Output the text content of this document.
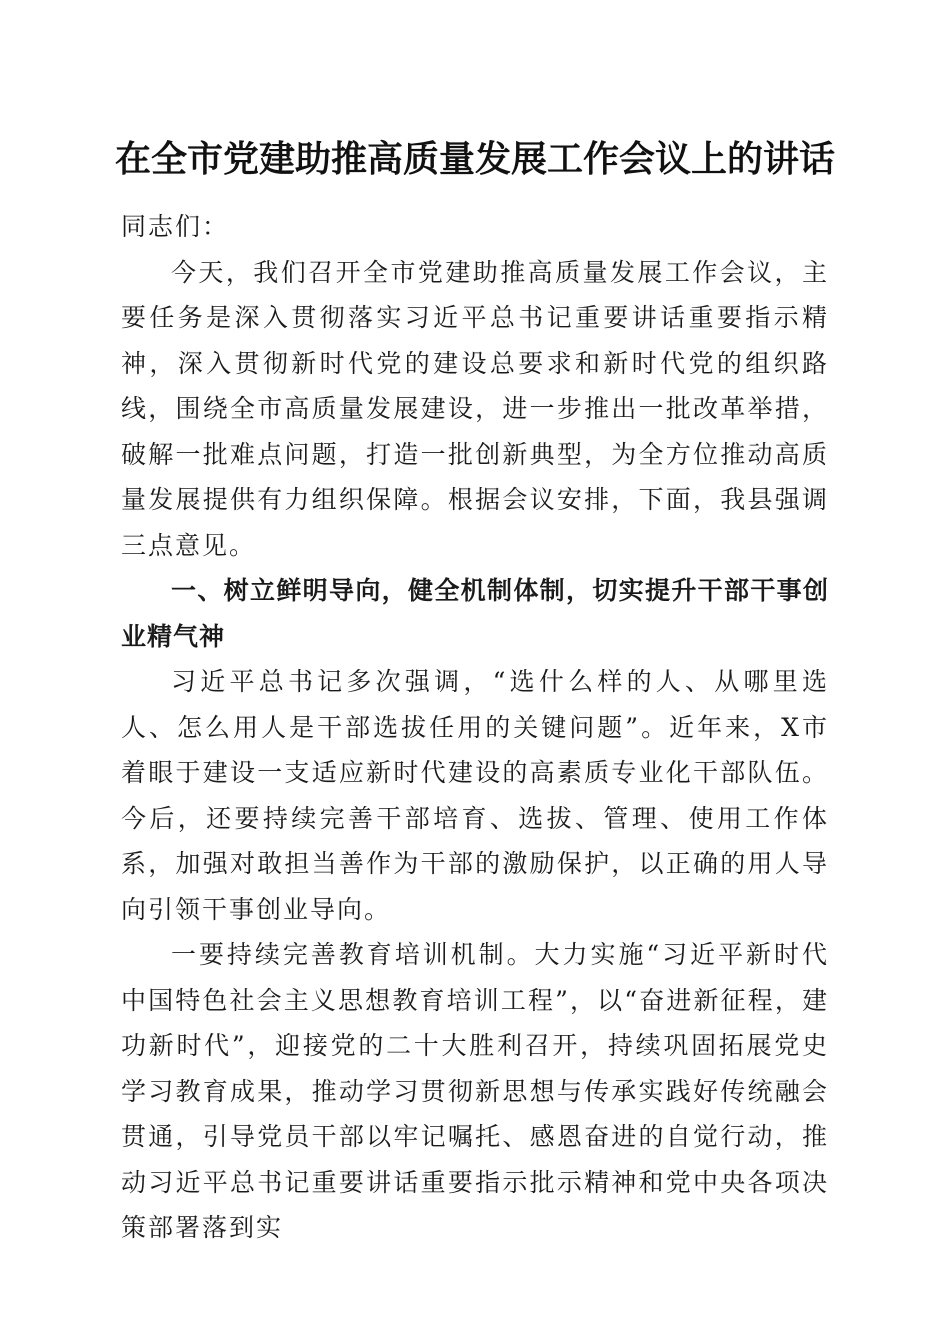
在全市党建助推高质量发展工作会议上的讲话

同志们：

今天，我们召开全市党建助推高质量发展工作会议，主要任务是深入贯彻落实习近平总书记重要讲话重要指示精神，深入贯彻新时代党的建设总要求和新时代党的组织路线，围绕全市高质量发展建设，进一步推出一批改革举措，破解一批难点问题，打造一批创新典型，为全方位推动高质量发展提供有力组织保障。根据会议安排，下面，我县强调三点意见。

一、树立鲜明导向，健全机制体制，切实提升干部干事创业精气神

习近平总书记多次强调，“选什么样的人、从哪里选人、怎么用人是干部选拔任用的关键问题”。近年来，X市着眼于建设一支适应新时代建设的高素质专业化干部队伍。今后，还要持续完善干部培育、选拔、管理、使用工作体系，加强对敢担当善作为干部的激励保护，以正确的用人导向引领干事创业导向。

一要持续完善教育培训机制。大力实施“习近平新时代中国特色社会主义思想教育培训工程”，以“奋进新征程，建功新时代”，迎接党的二十大胜利召开，持续巩固拓展党史学习教育成果，推动学习贯彻新思想与传承实践好传统融会贯通，引导党员干部以牢记嘱托、感恩奋进的自觉行动，推动习近平总书记重要讲话重要指示批示精神和党中央各项决策部署落到实
